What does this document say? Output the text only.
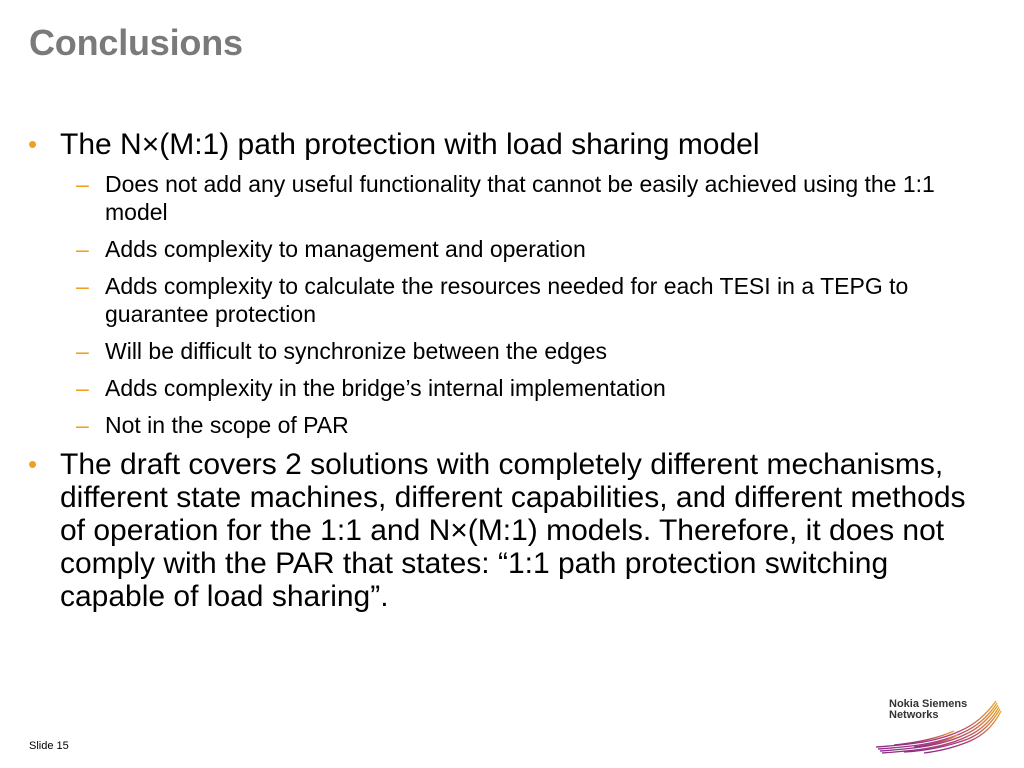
Conclusions
• The N×(M:1) path protection with load sharing model
– Does not add any useful functionality that cannot be easily achieved using the 1:1 model
– Adds complexity to management and operation
– Adds complexity to calculate the resources needed for each TESI in a TEPG to guarantee protection
– Will be difficult to synchronize between the edges
– Adds complexity in the bridge’s internal implementation
– Not in the scope of PAR
• The draft covers 2 solutions with completely different mechanisms, different state machines, different capabilities, and different methods of operation for the 1:1 and N×(M:1) models. Therefore, it does not comply with the PAR that states: “1:1 path protection switching capable of load sharing”.
Slide 15
Nokia Siemens
Networks
